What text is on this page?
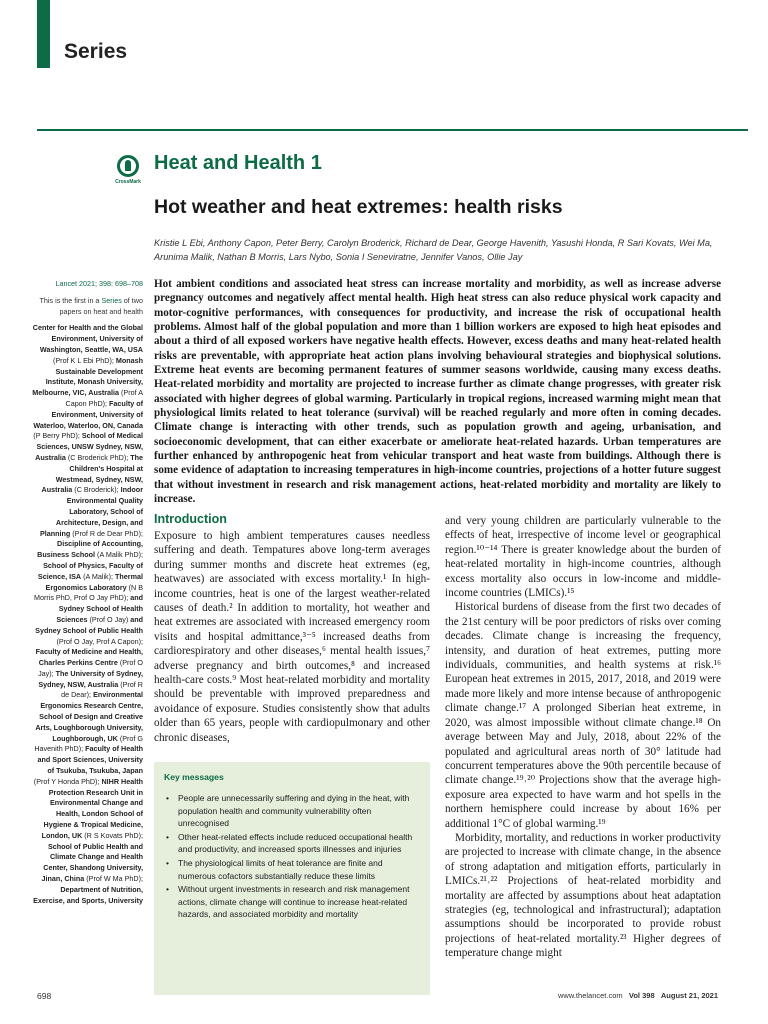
Series
CrossMark
Heat and Health 1
Hot weather and heat extremes: health risks
Kristie L Ebi, Anthony Capon, Peter Berry, Carolyn Broderick, Richard de Dear, George Havenith, Yasushi Honda, R Sari Kovats, Wei Ma, Arunima Malik, Nathan B Morris, Lars Nybo, Sonia I Seneviratne, Jennifer Vanos, Ollie Jay
Lancet 2021; 398: 698–708
This is the first in a Series of two papers on heat and health
Center for Health and the Global Environment, University of Washington, Seattle, WA, USA (Prof K L Ebi PhD); Monash Sustainable Development Institute, Monash University, Melbourne, VIC, Australia (Prof A Capon PhD); Faculty of Environment, University of Waterloo, Waterloo, ON, Canada (P Berry PhD); School of Medical Sciences, UNSW Sydney, NSW, Australia (C Broderick PhD); The Children's Hospital at Westmead, Sydney, NSW, Australia (C Broderick); Indoor Environmental Quality Laboratory, School of Architecture, Design, and Planning (Prof R de Dear PhD); Discipline of Accounting, Business School (A Malik PhD); School of Physics, Faculty of Science, ISA (A Malik); Thermal Ergonomics Laboratory (N B Morris PhD, Prof O Jay PhD); and Sydney School of Health Sciences (Prof O Jay) and Sydney School of Public Health (Prof O Jay, Prof A Capon); Faculty of Medicine and Health, Charles Perkins Centre (Prof O Jay); The University of Sydney, Sydney, NSW, Australia (Prof R de Dear); Environmental Ergonomics Research Centre, School of Design and Creative Arts, Loughborough University, Loughborough, UK (Prof G Havenith PhD); Faculty of Health and Sport Sciences, University of Tsukuba, Tsukuba, Japan (Prof Y Honda PhD); NIHR Health Protection Research Unit in Environmental Change and Health, London School of Hygiene & Tropical Medicine, London, UK (R S Kovats PhD); School of Public Health and Climate Change and Health Center, Shandong University, Jinan, China (Prof W Ma PhD); Department of Nutrition, Exercise, and Sports, University
Hot ambient conditions and associated heat stress can increase mortality and morbidity, as well as increase adverse pregnancy outcomes and negatively affect mental health. High heat stress can also reduce physical work capacity and motor-cognitive performances, with consequences for productivity, and increase the risk of occupational health problems. Almost half of the global population and more than 1 billion workers are exposed to high heat episodes and about a third of all exposed workers have negative health effects. However, excess deaths and many heat-related health risks are preventable, with appropriate heat action plans involving behavioural strategies and biophysical solutions. Extreme heat events are becoming permanent features of summer seasons worldwide, causing many excess deaths. Heat-related morbidity and mortality are projected to increase further as climate change progresses, with greater risk associated with higher degrees of global warming. Particularly in tropical regions, increased warming might mean that physiological limits related to heat tolerance (survival) will be reached regularly and more often in coming decades. Climate change is interacting with other trends, such as population growth and ageing, urbanisation, and socioeconomic development, that can either exacerbate or ameliorate heat-related hazards. Urban temperatures are further enhanced by anthropogenic heat from vehicular transport and heat waste from buildings. Although there is some evidence of adaptation to increasing temperatures in high-income countries, projections of a hotter future suggest that without investment in research and risk management actions, heat-related morbidity and mortality are likely to increase.
Introduction

Exposure to high ambient temperatures causes needless suffering and death. Tempatures above long-term averages during summer months and discrete heat extremes (eg, heatwaves) are associated with excess mortality.¹ In high-income countries, heat is one of the largest weather-related causes of death.² In addition to mortality, hot weather and heat extremes are associated with increased emergency room visits and hospital admittance,³⁻⁵ increased deaths from cardiorespiratory and other diseases,⁶ mental health issues,⁷ adverse pregnancy and birth outcomes,⁸ and increased health-care costs.⁹ Most heat-related morbidity and mortality should be preventable with improved preparedness and avoidance of exposure. Studies consistently show that adults older than 65 years, people with cardiopulmonary and other chronic diseases,

and very young children are particularly vulnerable to the effects of heat, irrespective of income level or geographical region.¹⁰⁻¹⁴ There is greater knowledge about the burden of heat-related mortality in high-income countries, although excess mortality also occurs in low-income and middle-income countries (LMICs).¹⁵

Historical burdens of disease from the first two decades of the 21st century will be poor predictors of risks over coming decades. Climate change is increasing the frequency, intensity, and duration of heat extremes, putting more individuals, communities, and health systems at risk.¹⁶ European heat extremes in 2015, 2017, 2018, and 2019 were made more likely and more intense because of anthropogenic climate change.¹⁷ A prolonged Siberian heat extreme, in 2020, was almost impossible without climate change.¹⁸ On average between May and July, 2018, about 22% of the populated and agricultural areas north of 30° latitude had concurrent temperatures above the 90th percentile because of climate change.¹⁹˒²⁰ Projections show that the average high-exposure area expected to have warm and hot spells in the northern hemisphere could increase by about 16% per additional 1°C of global warming.¹⁹

Morbidity, mortality, and reductions in worker productivity are projected to increase with climate change, in the absence of strong adaptation and mitigation efforts, particularly in LMICs.²¹˒²² Projections of heat-related morbidity and mortality are affected by assumptions about heat adaptation strategies (eg, technological and infrastructural); adaptation assumptions should be incorporated to provide robust projections of heat-related mortality.²³ Higher degrees of temperature change might

Key messages
• People are unnecessarily suffering and dying in the heat, with population health and community vulnerability often unrecognised
• Other heat-related effects include reduced occupational health and productivity, and increased sports illnesses and injuries
• The physiological limits of heat tolerance are finite and numerous cofactors substantially reduce these limits
• Without urgent investments in research and risk management actions, climate change will continue to increase heat-related hazards, and associated morbidity and mortality
698	www.thelancet.com Vol 398 August 21, 2021
